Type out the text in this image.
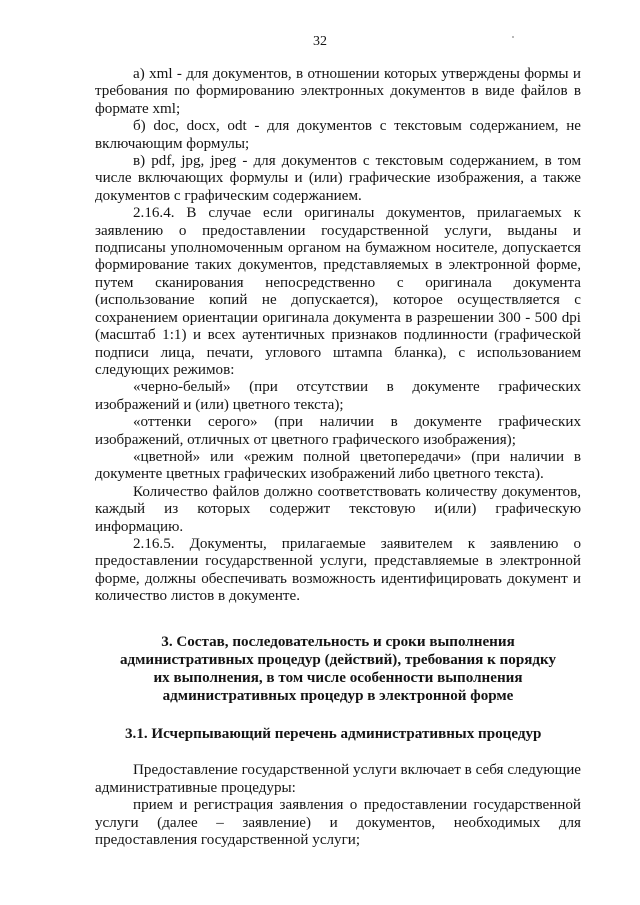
32

а) xml - для документов, в отношении которых утверждены формы и требования по формированию электронных документов в виде файлов в формате xml;

б) doc, docx, odt - для документов с текстовым содержанием, не включающим формулы;

в) pdf, jpg, jpeg - для документов с текстовым содержанием, в том числе включающих формулы и (или) графические изображения, а также документов с графическим содержанием.

2.16.4. В случае если оригиналы документов, прилагаемых к заявлению о предоставлении государственной услуги, выданы и подписаны уполномоченным органом на бумажном носителе, допускается формирование таких документов, представляемых в электронной форме, путем сканирования непосредственно с оригинала документа (использование копий не допускается), которое осуществляется с сохранением ориентации оригинала документа в разрешении 300 - 500 dpi (масштаб 1:1) и всех аутентичных признаков подлинности (графической подписи лица, печати, углового штампа бланка), с использованием следующих режимов:

«черно-белый» (при отсутствии в документе графических изображений и (или) цветного текста);

«оттенки серого» (при наличии в документе графических изображений, отличных от цветного графического изображения);

«цветной» или «режим полной цветопередачи» (при наличии в документе цветных графических изображений либо цветного текста).

Количество файлов должно соответствовать количеству документов, каждый из которых содержит текстовую и(или) графическую информацию.

2.16.5. Документы, прилагаемые заявителем к заявлению о предоставлении государственной услуги, представляемые в электронной форме, должны обеспечивать возможность идентифицировать документ и количество листов в документе.

3. Состав, последовательность и сроки выполнения
административных процедур (действий), требования к порядку
их выполнения, в том числе особенности выполнения
административных процедур в электронной форме
3.1. Исчерпывающий перечень административных процедур

Предоставление государственной услуги включает в себя следующие административные процедуры:

прием и регистрация заявления о предоставлении государственной услуги (далее – заявление) и документов, необходимых для предоставления государственной услуги;
